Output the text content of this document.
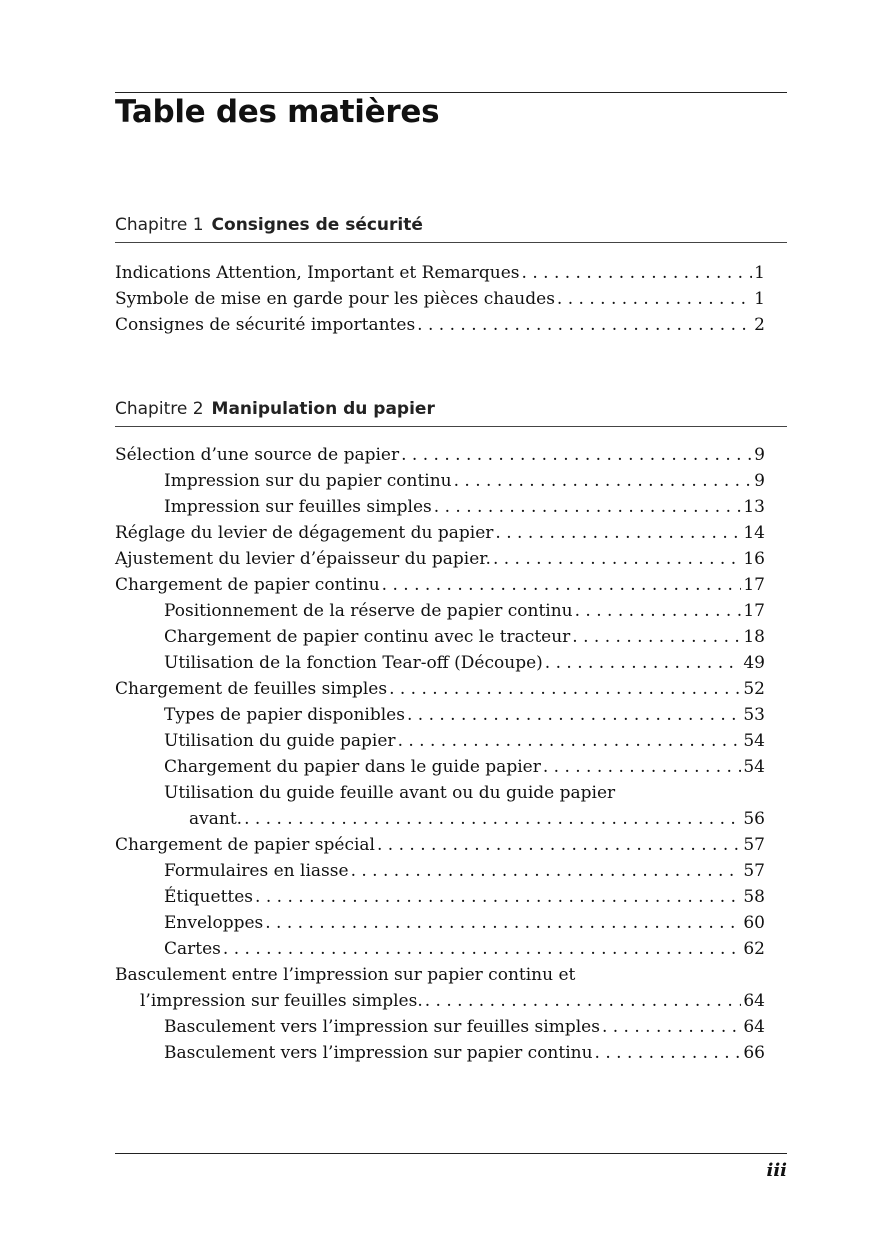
Table des matières
Chapitre 1 Consignes de sécurité
Indications Attention, Important et Remarques . . .	1
Symbole de mise en garde pour les pièces chaudes . . .	1
Consignes de sécurité importantes . . .	2
Chapitre 2 Manipulation du papier
Sélection d’une source de papier . . .	9
Impression sur du papier continu . . .	9
Impression sur feuilles simples . . .	13
Réglage du levier de dégagement du papier . . .	14
Ajustement du levier d’épaisseur du papier. . . .	16
Chargement de papier continu . . .	17
Positionnement de la réserve de papier continu . . .	17
Chargement de papier continu avec le tracteur . . .	18
Utilisation de la fonction Tear-off (Découpe) . . .	49
Chargement de feuilles simples . . .	52
Types de papier disponibles . . .	53
Utilisation du guide papier . . .	54
Chargement du papier dans le guide papier . . .	54
Utilisation du guide feuille avant ou du guide papier
avant. . . .	56
Chargement de papier spécial . . .	57
Formulaires en liasse . . .	57
Étiquettes . . .	58
Enveloppes . . .	60
Cartes . . .	62
Basculement entre l’impression sur papier continu et
l’impression sur feuilles simples. . . .	64
Basculement vers l’impression sur feuilles simples . . .	64
Basculement vers l’impression sur papier continu . . .	66
iii
